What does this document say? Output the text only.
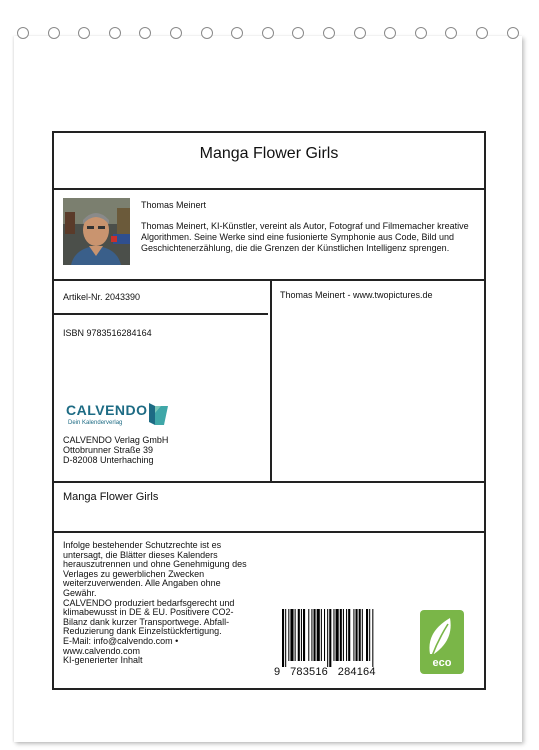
Manga Flower Girls
Thomas Meinert
Thomas Meinert, KI-Künstler, vereint als Autor, Fotograf und Filmemacher kreative Algorithmen. Seine Werke sind eine fusionierte Symphonie aus Code, Bild und Geschichtenerzählung, die die Grenzen der Künstlichen Intelligenz sprengen.
Artikel-Nr. 2043390	Thomas Meinert - www.twopictures.de
ISBN 9783516284164
CALVENDO
Dein Kalenderverlag
CALVENDO Verlag GmbH
Ottobrunner Straße 39
D-82008 Unterhaching
Manga Flower Girls
Infolge bestehender Schutzrechte ist es
untersagt, die Blätter dieses Kalenders
herauszutrennen und ohne Genehmigung des
Verlages zu gewerblichen Zwecken
weiterzuverwenden. Alle Angaben ohne
Gewähr.
CALVENDO produziert bedarfsgerecht und
klimabewusst in DE & EU. Positivere CO2-
Bilanz dank kurzer Transportwege. Abfall-
Reduzierung dank Einzelstückfertigung.
E-Mail: info@calvendo.com •
www.calvendo.com
KI-generierter Inhalt
9   783516   284164
eco
